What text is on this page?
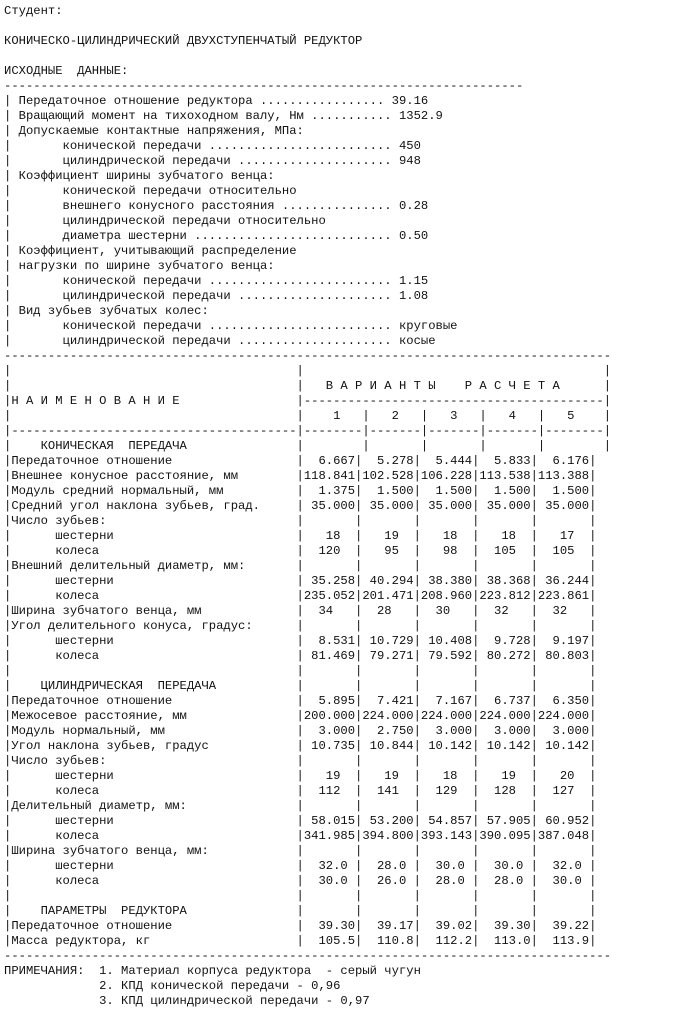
Студент:
КОНИЧЕСКО-ЦИЛИНДРИЧЕСКИЙ ДВУХСТУПЕНЧАТЫЙ РЕДУКТОР
ИСХОДНЫЕ  ДАННЫЕ:
-----------------------------------------------------------------------
| Передаточное отношение редуктора ................. 39.16
| Вращающий момент на тихоходном валу, Нм ........... 1352.9
| Допускаемые контактные напряжения, МПа:
|       конической передачи ......................... 450
|       цилиндрической передачи ..................... 948
| Коэффициент ширины зубчатого венца:
|       конической передачи относительно
|       внешнего конусного расстояния ............... 0.28
|       цилиндрической передачи относительно
|       диаметра шестерни ........................... 0.50
| Коэффициент, учитывающий распределение
| нагрузки по ширине зубчатого венца:
|       конической передачи ......................... 1.15
|       цилиндрической передачи ..................... 1.08
| Вид зубьев зубчатых колес:
|       конической передачи ......................... круговые
|       цилиндрической передачи ..................... косые
-----------------------------------------------------------------------------------
|                                       |                                         |
|                                       |   В А Р И А Н Т Ы    Р А С Ч Е Т А      |
|Н А И М Е Н О В А Н И Е                |-----------------------------------------|
|                                       |    1   |   2   |   3   |   4   |   5    |
|---------------------------------------|--------|-------|-------|-------|--------|
|    КОНИЧЕСКАЯ  ПЕРЕДАЧА               |        |       |       |       |        |
|Передаточное отношение                 |  6.667|  5.278|  5.444|  5.833|  6.176|
|Внешнее конусное расстояние, мм        |118.841|102.528|106.228|113.538|113.388|
|Модуль средний нормальный, мм          |  1.375|  1.500|  1.500|  1.500|  1.500|
|Средний угол наклона зубьев, град.     | 35.000| 35.000| 35.000| 35.000| 35.000|
|Число зубьев:                          |       |       |       |       |       |
|      шестерни                         |   18  |   19  |   18  |   18  |   17  |
|      колеса                           |  120  |   95  |   98  |  105  |  105  |
|Внешний делительный диаметр, мм:       |       |       |       |       |       |
|      шестерни                         | 35.258| 40.294| 38.380| 38.368| 36.244|
|      колеса                           |235.052|201.471|208.960|223.812|223.861|
|Ширина зубчатого венца, мм             |  34   |  28   |  30   |  32   |  32   |
|Угол делительного конуса, градус:      |       |       |       |       |       |
|      шестерни                         |  8.531| 10.729| 10.408|  9.728|  9.197|
|      колеса                           | 81.469| 79.271| 79.592| 80.272| 80.803|
|                                       |       |       |       |       |       |
|    ЦИЛИНДРИЧЕСКАЯ  ПЕРЕДАЧА           |       |       |       |       |       |
|Передаточное отношение                 |  5.895|  7.421|  7.167|  6.737|  6.350|
|Межосевое расстояние, мм               |200.000|224.000|224.000|224.000|224.000|
|Модуль нормальный, мм                  |  3.000|  2.750|  3.000|  3.000|  3.000|
|Угол наклона зубьев, градус            | 10.735| 10.844| 10.142| 10.142| 10.142|
|Число зубьев:                          |       |       |       |       |       |
|      шестерни                         |   19  |   19  |   18  |   19  |   20  |
|      колеса                           |  112  |  141  |  129  |  128  |  127  |
|Делительный диаметр, мм:               |       |       |       |       |       |
|      шестерни                         | 58.015| 53.200| 54.857| 57.905| 60.952|
|      колеса                           |341.985|394.800|393.143|390.095|387.048|
|Ширина зубчатого венца, мм:            |       |       |       |       |       |
|      шестерни                         |  32.0 |  28.0 |  30.0 |  30.0 |  32.0 |
|      колеса                           |  30.0 |  26.0 |  28.0 |  28.0 |  30.0 |
|                                       |       |       |       |       |       |
|    ПАРАМЕТРЫ  РЕДУКТОРА               |       |       |       |       |       |
|Передаточное отношение                 |  39.30|  39.17|  39.02|  39.30|  39.22|
|Масса редуктора, кг                    |  105.5|  110.8|  112.2|  113.0|  113.9|
-----------------------------------------------------------------------------------
ПРИМЕЧАНИЯ:  1. Материал корпуса редуктора  - серый чугун
2. КПД конической передачи - 0,96
3. КПД цилиндрической передачи - 0,97
